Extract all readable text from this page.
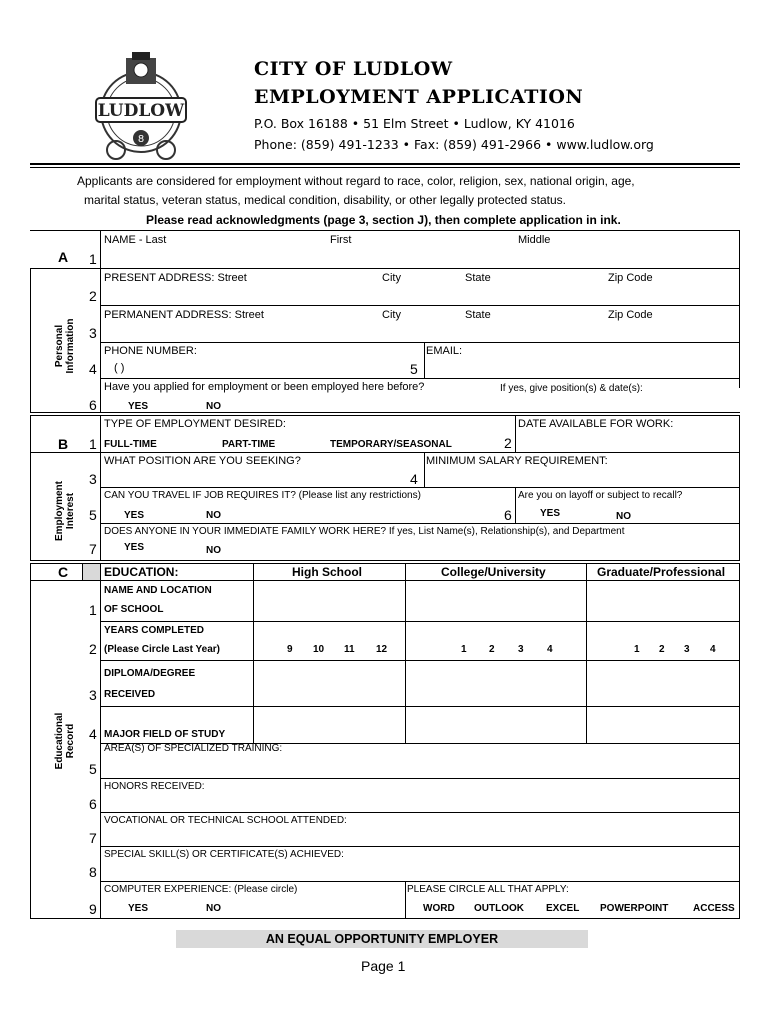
LUDLOW
8
CITY OF LUDLOW
EMPLOYMENT APPLICATION
P.O. Box 16188 • 51 Elm Street • Ludlow, KY 41016
Phone: (859) 491-1233 • Fax: (859) 491-2966 • www.ludlow.org
Applicants are considered for employment without regard to race, color, religion, sex, national origin, age,
marital status, veteran status, medical condition, disability, or other legally protected status.
Please read acknowledgments (page 3, section J), then complete application in ink.
A
Personal
Information
1
NAME - Last	First	Middle
2
PRESENT ADDRESS: Street	City	State	Zip Code
3
PERMANENT ADDRESS: Street	City	State	Zip Code
4
PHONE NUMBER:
( )	5
EMAIL:
6
Have you applied for employment or been employed here before?	If yes, give position(s) & date(s):
YES	NO
B
Employment
Interest
1
TYPE OF EMPLOYMENT DESIRED:
FULL-TIME	PART-TIME	TEMPORARY/SEASONAL	2
DATE AVAILABLE FOR WORK:
3
WHAT POSITION ARE YOU SEEKING?
4
MINIMUM SALARY REQUIREMENT:
5
CAN YOU TRAVEL IF JOB REQUIRES IT? (Please list any restrictions)
YES	NO	6
Are you on layoff or subject to recall?
YES	NO
7
DOES ANYONE IN YOUR IMMEDIATE FAMILY WORK HERE? If yes, List Name(s), Relationship(s), and Department
YES	NO
C
Educational
Record
EDUCATION:	High School	College/University	Graduate/Professional
1
NAME AND LOCATION
OF SCHOOL
2
YEARS COMPLETED
(Please Circle Last Year)	9 10 11 12	1 2 3 4	1 2 3 4
3
DIPLOMA/DEGREE
RECEIVED
4 MAJOR FIELD OF STUDY
5
AREA(S) OF SPECIALIZED TRAINING:
6
HONORS RECEIVED:
7
VOCATIONAL OR TECHNICAL SCHOOL ATTENDED:
8
SPECIAL SKILL(S) OR CERTIFICATE(S) ACHIEVED:
9
COMPUTER EXPERIENCE: (Please circle)
YES	NO
PLEASE CIRCLE ALL THAT APPLY:
WORD OUTLOOK EXCEL POWERPOINT ACCESS
AN EQUAL OPPORTUNITY EMPLOYER
Page 1
